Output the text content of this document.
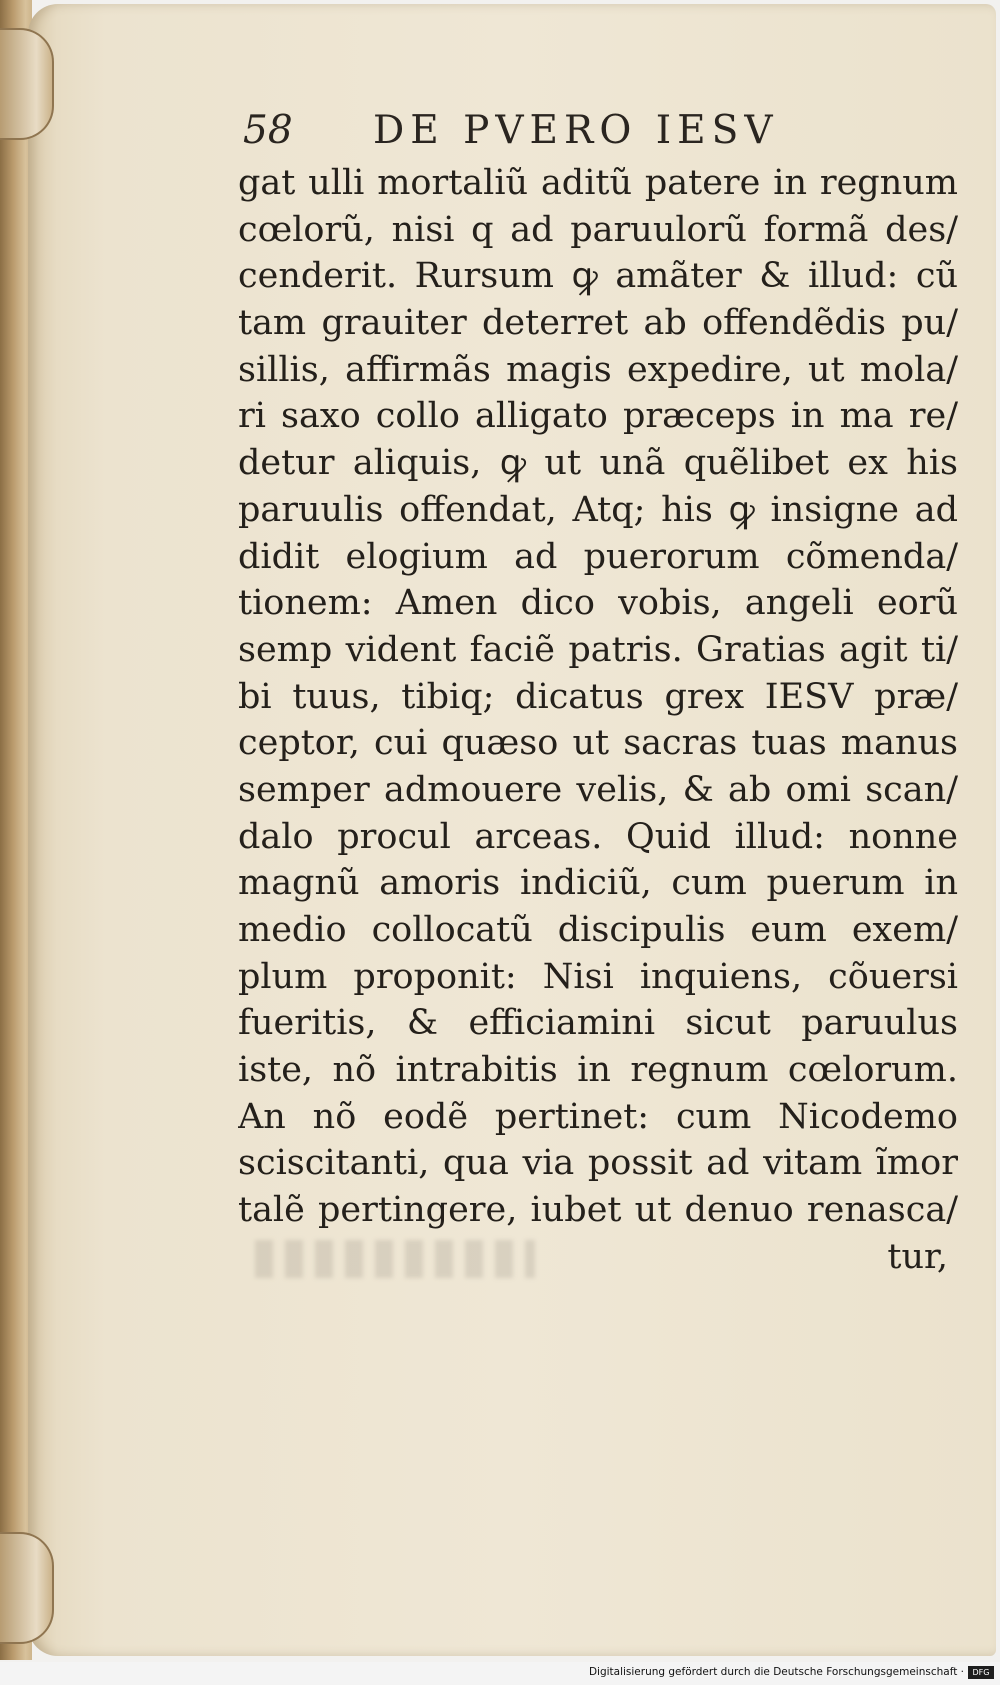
58 DE PVERO IESV
gat ulli mortaliũ aditũ patere in regnum
cœlorũ, nisi q ad paruulorũ formã des/
cenderit. Rursum ꝙ amãter & illud: cũ
tam grauiter deterret ab offendẽdis pu/
sillis, affirmãs magis expedire, ut mola/
ri saxo collo alligato præceps in ma re/
detur aliquis, ꝙ ut unã quẽlibet ex his
paruulis offendat, Atq; his ꝙ insigne ad
didit elogium ad puerorum cõmenda/
tionem: Amen dico vobis, angeli eorũ
semp vident faciẽ patris. Gratias agit ti/
bi tuus, tibiq; dicatus grex IESV præ/
ceptor, cui quæso ut sacras tuas manus
semper admouere velis, & ab omi scan/
dalo procul arceas. Quid illud: nonne
magnũ amoris indiciũ, cum puerum in
medio collocatũ discipulis eum exem/
plum proponit: Nisi inquiens, cõuersi
fueritis, & efficiamini sicut paruulus
iste, nõ intrabitis in regnum cœlorum.
An nõ eodẽ pertinet: cum Nicodemo
sciscitanti, qua via possit ad vitam ĩmor
talẽ pertingere, iubet ut denuo renasca/
tur,
Digitalisierung gefördert durch die Deutsche Forschungsgemeinschaft ·	DFG
